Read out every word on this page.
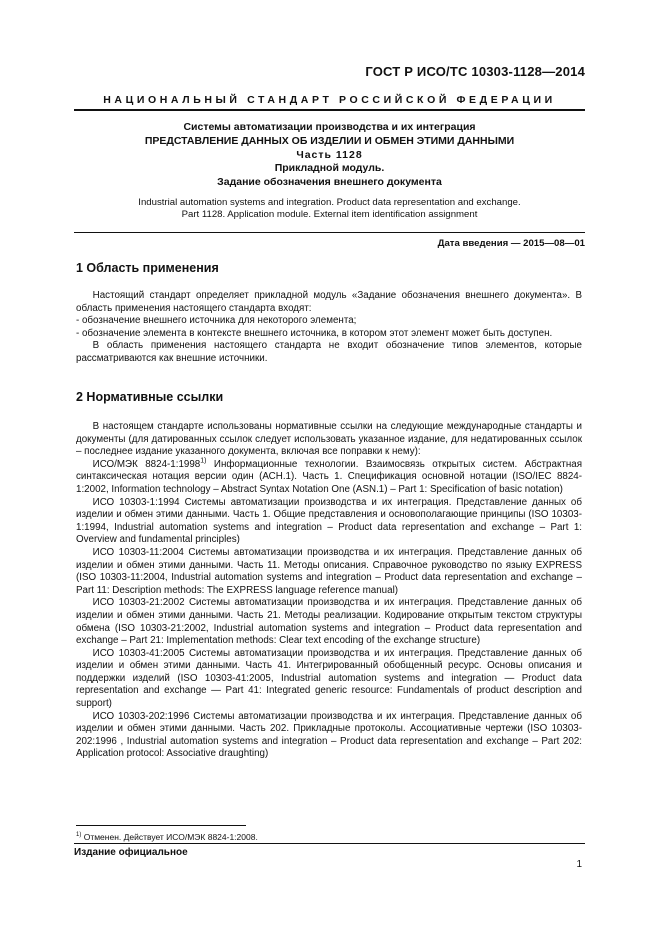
ГОСТ Р ИСО/ТС 10303-1128—2014
НАЦИОНАЛЬНЫЙ СТАНДАРТ РОССИЙСКОЙ ФЕДЕРАЦИИ
Системы автоматизации производства и их интеграция
ПРЕДСТАВЛЕНИЕ ДАННЫХ ОБ ИЗДЕЛИИ И ОБМЕН ЭТИМИ ДАННЫМИ
Часть 1128
Прикладной модуль.
Задание обозначения внешнего документа
Industrial automation systems and integration. Product data representation and exchange.
Part 1128. Application module. External item identification assignment
Дата введения — 2015—08—01
1 Область применения

Настоящий стандарт определяет прикладной модуль «Задание обозначения внешнего документа». В область применения настоящего стандарта входят:

- обозначение внешнего источника для некоторого элемента;

- обозначение элемента в контексте внешнего источника, в котором этот элемент может быть доступен.

В область применения настоящего стандарта не входит обозначение типов элементов, которые рассматриваются как внешние источники.

2 Нормативные ссылки

В настоящем стандарте использованы нормативные ссылки на следующие международные стандарты и документы (для датированных ссылок следует использовать указанное издание, для недатированных ссылок – последнее издание указанного документа, включая все поправки к нему):

ИСО/МЭК 8824-1:1998$^{1)}$ Информационные технологии. Взаимосвязь открытых систем. Абстрактная синтаксическая нотация версии один (АСН.1). Часть 1. Спецификация основной нотации (ISO/IEC 8824-1:2002, Information technology – Abstract Syntax Notation One (ASN.1) – Part 1: Specification of basic notation)

ИСО 10303-1:1994 Системы автоматизации производства и их интеграция. Представление данных об изделии и обмен этими данными. Часть 1. Общие представления и основополагающие принципы (ISO 10303-1:1994, Industrial automation systems and integration – Product data representation and exchange – Part 1: Overview and fundamental principles)

ИСО 10303-11:2004 Системы автоматизации производства и их интеграция. Представление данных об изделии и обмен этими данными. Часть 11. Методы описания. Справочное руководство по языку EXPRESS (ISO 10303-11:2004, Industrial automation systems and integration – Product data representation and exchange – Part 11: Description methods: The EXPRESS language reference manual)

ИСО 10303-21:2002 Системы автоматизации производства и их интеграция. Представление данных об изделии и обмен этими данными. Часть 21. Методы реализации. Кодирование открытым текстом структуры обмена (ISO 10303-21:2002, Industrial automation systems and integration – Product data representation and exchange – Part 21: Implementation methods: Clear text encoding of the exchange structure)

ИСО 10303-41:2005 Системы автоматизации производства и их интеграция. Представление данных об изделии и обмен этими данными. Часть 41. Интегрированный обобщенный ресурс. Основы описания и поддержки изделий (ISO 10303-41:2005, Industrial automation systems and integration — Product data representation and exchange — Part 41: Integrated generic resource: Fundamentals of product description and support)

ИСО 10303-202:1996 Системы автоматизации производства и их интеграция. Представление данных об изделии и обмен этими данными. Часть 202. Прикладные протоколы. Ассоциативные чертежи (ISO 10303-202:1996 , Industrial automation systems and integration – Product data representation and exchange – Part 202: Application protocol: Associative draughting)

$^{1)}$ Отменен. Действует ИСО/МЭК 8824-1:2008.
Издание официальное
1
